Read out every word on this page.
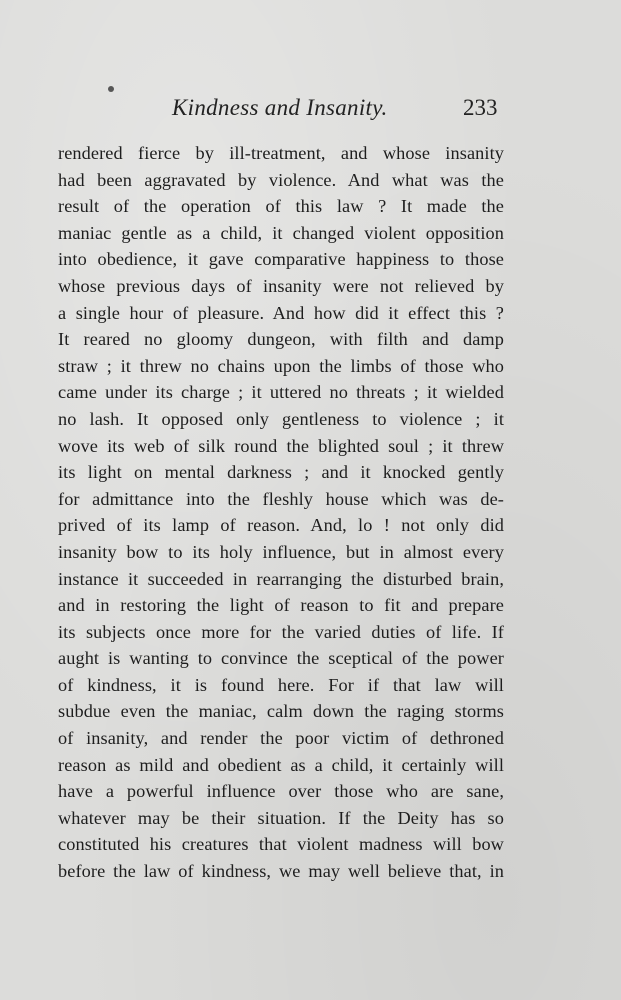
Kindness and Insanity.	233
rendered fierce by ill-treatment, and whose insanity
had been aggravated by violence. And what was the
result of the operation of this law ? It made the
maniac gentle as a child, it changed violent opposition
into obedience, it gave comparative happiness to those
whose previous days of insanity were not relieved by
a single hour of pleasure. And how did it effect this ?
It reared no gloomy dungeon, with filth and damp
straw ; it threw no chains upon the limbs of those who
came under its charge ; it uttered no threats ; it wielded
no lash. It opposed only gentleness to violence ; it
wove its web of silk round the blighted soul ; it threw
its light on mental darkness ; and it knocked gently
for admittance into the fleshly house which was de-
prived of its lamp of reason. And, lo ! not only did
insanity bow to its holy influence, but in almost every
instance it succeeded in rearranging the disturbed brain,
and in restoring the light of reason to fit and prepare
its subjects once more for the varied duties of life. If
aught is wanting to convince the sceptical of the power
of kindness, it is found here. For if that law will
subdue even the maniac, calm down the raging storms
of insanity, and render the poor victim of dethroned
reason as mild and obedient as a child, it certainly will
have a powerful influence over those who are sane,
whatever may be their situation. If the Deity has so
constituted his creatures that violent madness will bow
before the law of kindness, we may well believe that, in
